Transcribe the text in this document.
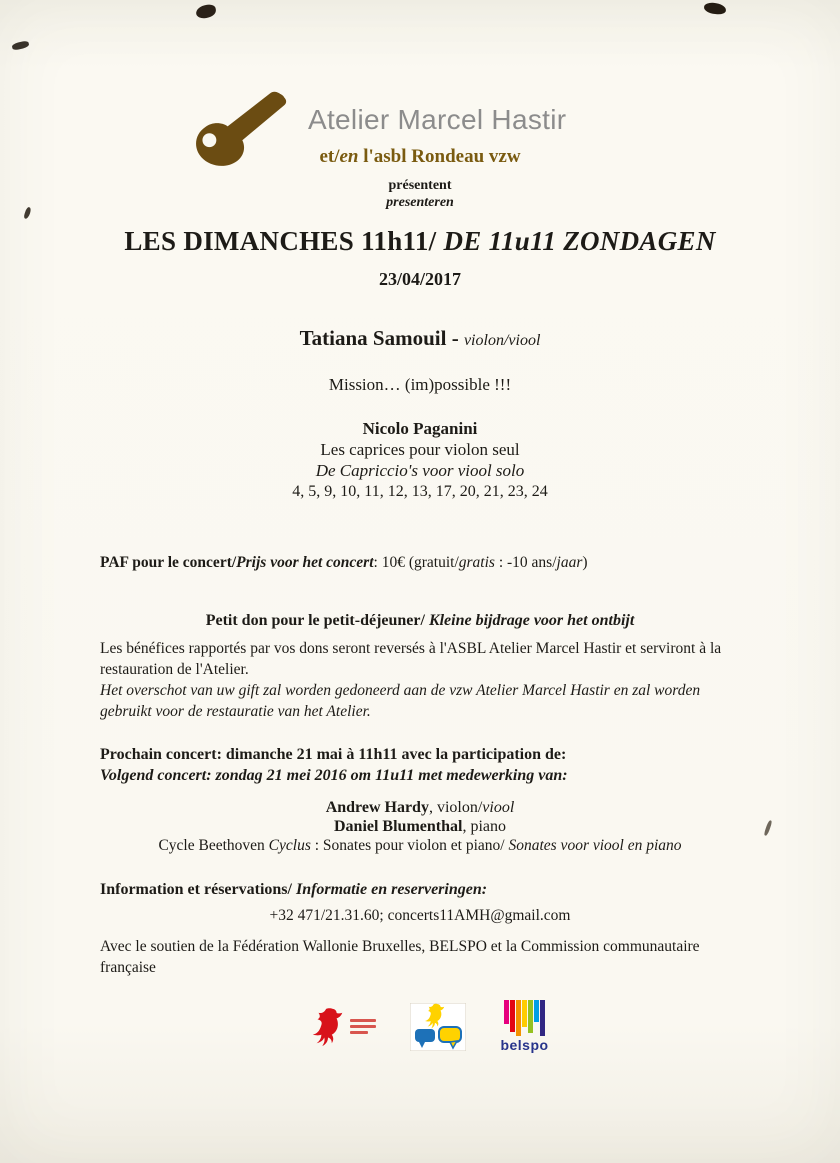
Atelier Marcel Hastir
et/en l'asbl Rondeau vzw
présentent
presenteren
LES DIMANCHES 11h11/ DE 11u11 ZONDAGEN
23/04/2017
Tatiana Samouil - violon/viool
Mission… (im)possible !!!
Nicolo Paganini
Les caprices pour violon seul
De Capriccio's voor viool solo
4, 5, 9, 10, 11, 12, 13, 17, 20, 21, 23, 24
PAF pour le concert/Prijs voor het concert: 10€ (gratuit/gratis : -10 ans/jaar)
Petit don pour le petit-déjeuner/ Kleine bijdrage voor het ontbijt
Les bénéfices rapportés par vos dons seront reversés à l'ASBL Atelier Marcel Hastir et serviront à la restauration de l'Atelier.
Het overschot van uw gift zal worden gedoneerd aan de vzw Atelier Marcel Hastir en zal worden gebruikt voor de restauratie van het Atelier.
Prochain concert: dimanche 21 mai à 11h11 avec la participation de:
Volgend concert: zondag 21 mei 2016 om 11u11 met medewerking van:
Andrew Hardy, violon/viool
Daniel Blumenthal, piano
Cycle Beethoven Cyclus : Sonates pour violon et piano/ Sonates voor viool en piano
Information et réservations/ Informatie en reserveringen:
+32 471/21.31.60; concerts11AMH@gmail.com
Avec le soutien de la Fédération Wallonie Bruxelles, BELSPO et la Commission communautaire française
belspo
